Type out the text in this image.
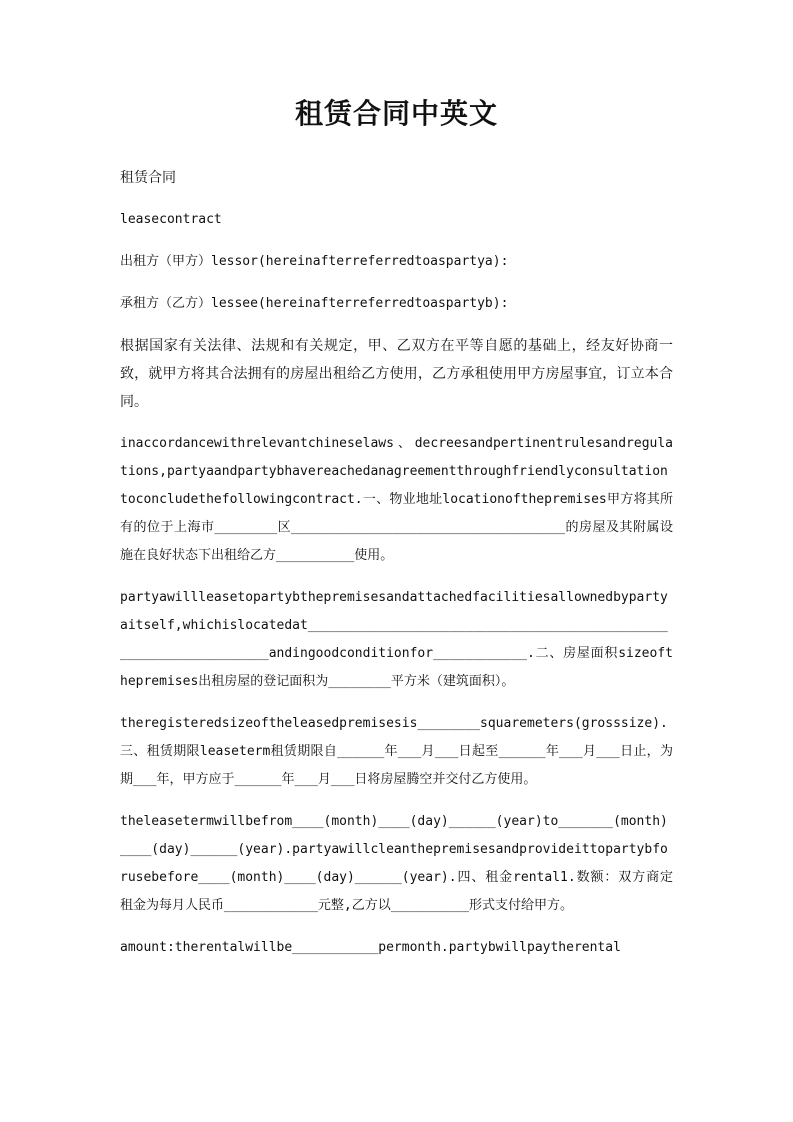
租赁合同中英文

租赁合同

leasecontract

出租方（甲方）lessor(hereinafterreferredtoaspartya):

承租方（乙方）lessee(hereinafterreferredtoaspartyb):

根据国家有关法律、法规和有关规定，甲、乙双方在平等自愿的基础上，经友好协商一致，就甲方将其合法拥有的房屋出租给乙方使用，乙方承租使用甲方房屋事宜，订立本合同。

inaccordancewithrelevantchineselaws、decreesandpertinentrulesandregulations,partyaandpartybhavereachedanagreementthroughfriendlyconsultationtoconcludethefollowingcontract.一、物业地址locationofthepremises甲方将其所有的位于上海市________区___________________________________的房屋及其附属设施在良好状态下出租给乙方__________使用。

partyawillleasetopartybthepremisesandattachedfacilitiesallownedbypartyaitself,whichislocatedat_________________________________________________________________andingoodconditionfor____________.二、房屋面积sizeofthepremises出租房屋的登记面积为________平方米（建筑面积）。

theregisteredsizeoftheleasedpremisesis________squaremeters(grosssize).三、租赁期限leaseterm租赁期限自______年___月___日起至______年___月___日止，为期___年，甲方应于______年___月___日将房屋腾空并交付乙方使用。

theleasetermwillbefrom____(month)____(day)______(year)to_______(month)____(day)______(year).partyawillcleanthepremisesandprovideittopartybforusebefore____(month)____(day)______(year).四、租金rental1.数额：双方商定租金为每月人民币____________元整,乙方以__________形式支付给甲方。

amount:therentalwillbe___________permonth.partybwillpaytherental
